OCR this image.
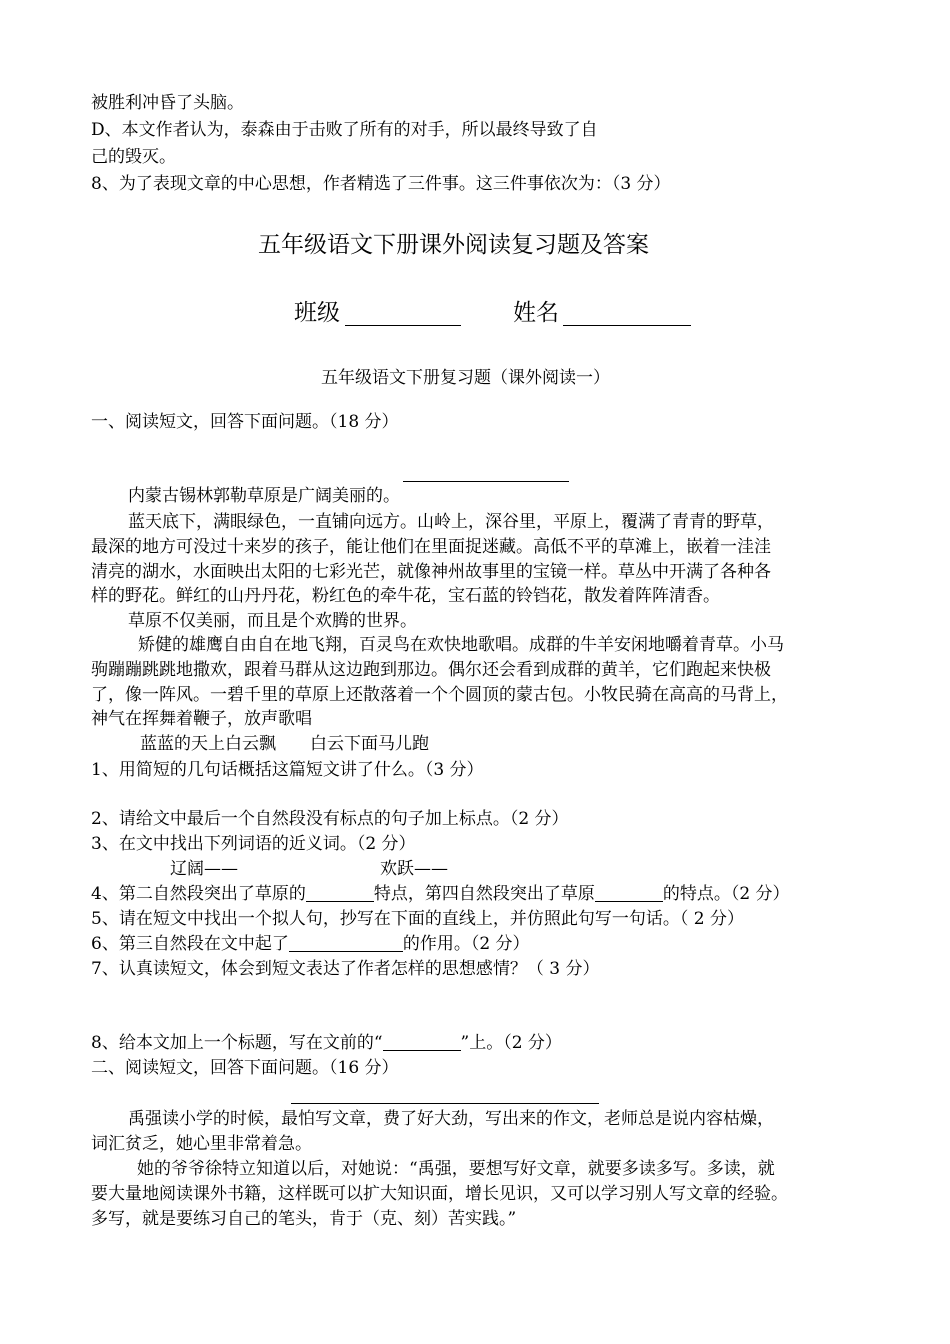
被胜利冲昏了头脑。
D、本文作者认为，泰森由于击败了所有的对手，所以最终导致了自
己的毁灭。
8、为了表现文章的中心思想，作者精选了三件事。这三件事依次为：（3 分）
五年级语文下册课外阅读复习题及答案
班级	姓名
五年级语文下册复习题（课外阅读一）
一、阅读短文，回答下面问题。（18 分）
内蒙古锡林郭勒草原是广阔美丽的。
蓝天底下，满眼绿色，一直铺向远方。山岭上，深谷里，平原上，覆满了青青的野草，
最深的地方可没过十来岁的孩子，能让他们在里面捉迷藏。高低不平的草滩上，嵌着一洼洼
清亮的湖水，水面映出太阳的七彩光芒，就像神州故事里的宝镜一样。草丛中开满了各种各
样的野花。鲜红的山丹丹花，粉红色的牵牛花，宝石蓝的铃铛花，散发着阵阵清香。
草原不仅美丽，而且是个欢腾的世界。
矫健的雄鹰自由自在地飞翔，百灵鸟在欢快地歌唱。成群的牛羊安闲地嚼着青草。小马
驹蹦蹦跳跳地撒欢，跟着马群从这边跑到那边。偶尔还会看到成群的黄羊，它们跑起来快极
了，像一阵风。一碧千里的草原上还散落着一个个圆顶的蒙古包。小牧民骑在高高的马背上，
神气在挥舞着鞭子，放声歌唱
蓝蓝的天上白云飘　　白云下面马儿跑
1、用简短的几句话概括这篇短文讲了什么。（3 分）
2、请给文中最后一个自然段没有标点的句子加上标点。（2 分）
3、在文中找出下列词语的近义词。（2 分）
辽阔——	欢跃——
4、第二自然段突出了草原的	特点，第四自然段突出了草原	的特点。（2 分）
5、请在短文中找出一个拟人句，抄写在下面的直线上，并仿照此句写一句话。（ 2 分）
6、第三自然段在文中起了	的作用。（2 分）
7、认真读短文，体会到短文表达了作者怎样的思想感情？（ 3 分）
8、给本文加上一个标题，写在文前的“	”上。（2 分）
二、阅读短文，回答下面问题。（16 分）
禹强读小学的时候，最怕写文章，费了好大劲，写出来的作文，老师总是说内容枯燥，
词汇贫乏，她心里非常着急。
她的爷爷徐特立知道以后，对她说：“禹强，要想写好文章，就要多读多写。多读，就
要大量地阅读课外书籍，这样既可以扩大知识面，增长见识，又可以学习别人写文章的经验。
多写，就是要练习自己的笔头，肯于（克、刻）苦实践。”
